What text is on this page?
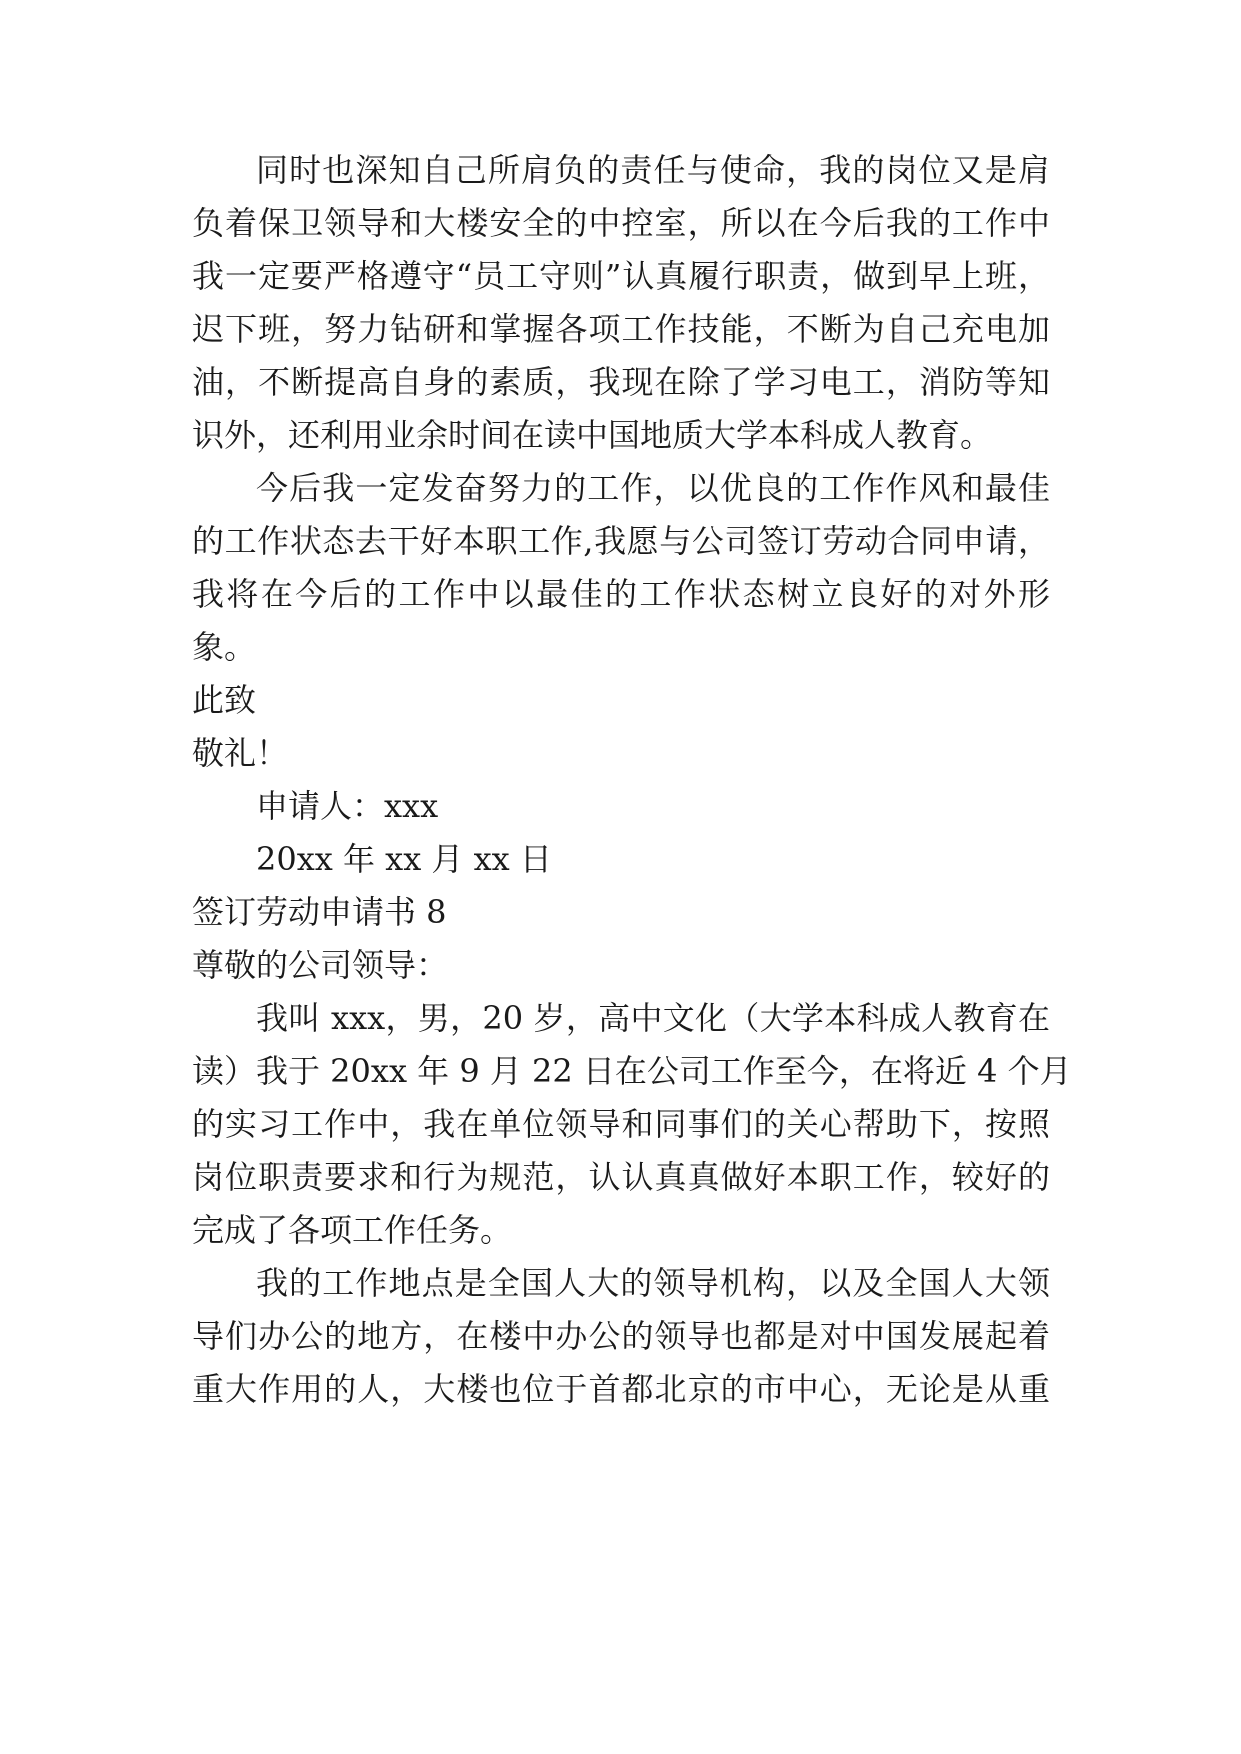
同时也深知自己所肩负的责任与使命，我的岗位又是肩
负着保卫领导和大楼安全的中控室，所以在今后我的工作中
我一定要严格遵守“员工守则”认真履行职责，做到早上班，
迟下班，努力钻研和掌握各项工作技能，不断为自己充电加
油，不断提高自身的素质，我现在除了学习电工，消防等知
识外，还利用业余时间在读中国地质大学本科成人教育。
今后我一定发奋努力的工作，以优良的工作作风和最佳
的工作状态去干好本职工作,我愿与公司签订劳动合同申请，
我将在今后的工作中以最佳的工作状态树立良好的对外形
象。
此致
敬礼！
申请人：xxx
20xx 年 xx 月 xx 日
签订劳动申请书 8
尊敬的公司领导：
我叫 xxx，男，20 岁，高中文化（大学本科成人教育在
读）我于 20xx 年 9 月 22 日在公司工作至今，在将近 4 个月
的实习工作中，我在单位领导和同事们的关心帮助下，按照
岗位职责要求和行为规范，认认真真做好本职工作，较好的
完成了各项工作任务。
我的工作地点是全国人大的领导机构，以及全国人大领
导们办公的地方，在楼中办公的领导也都是对中国发展起着
重大作用的人，大楼也位于首都北京的市中心，无论是从重
